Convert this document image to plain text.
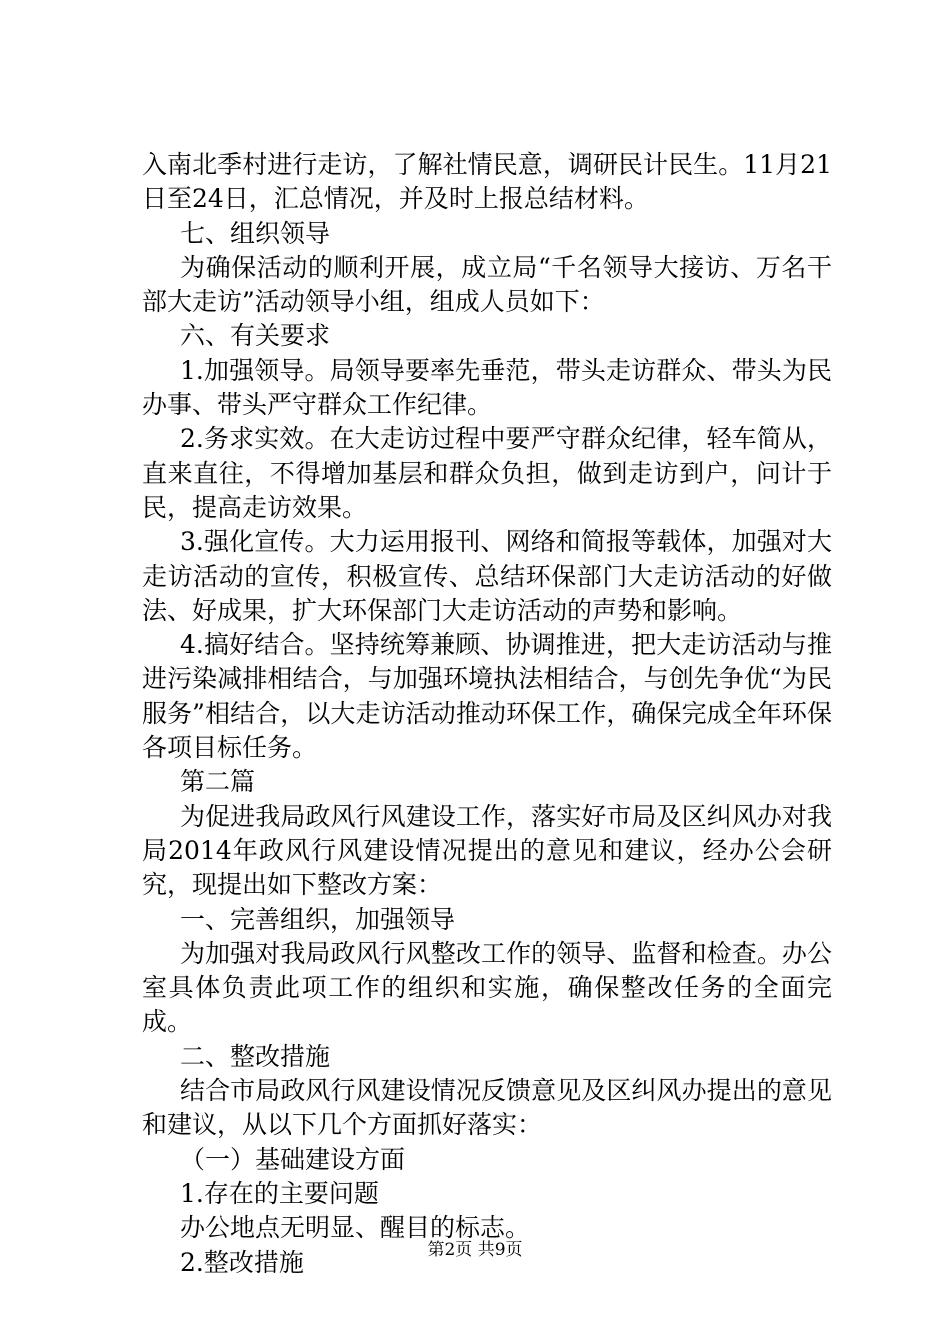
入南北季村进行走访，了解社情民意，调研民计民生。11月21日至24日，汇总情况，并及时上报总结材料。

七、组织领导

为确保活动的顺利开展，成立局“千名领导大接访、万名干部大走访”活动领导小组，组成人员如下：

六、有关要求

1.加强领导。局领导要率先垂范，带头走访群众、带头为民办事、带头严守群众工作纪律。

2.务求实效。在大走访过程中要严守群众纪律，轻车简从，直来直往，不得增加基层和群众负担，做到走访到户，问计于民，提高走访效果。

3.强化宣传。大力运用报刊、网络和简报等载体，加强对大走访活动的宣传，积极宣传、总结环保部门大走访活动的好做法、好成果，扩大环保部门大走访活动的声势和影响。

4.搞好结合。坚持统筹兼顾、协调推进，把大走访活动与推进污染减排相结合，与加强环境执法相结合，与创先争优“为民服务”相结合，以大走访活动推动环保工作，确保完成全年环保各项目标任务。

第二篇

为促进我局政风行风建设工作，落实好市局及区纠风办对我局2014年政风行风建设情况提出的意见和建议，经办公会研究，现提出如下整改方案：

一、完善组织，加强领导

为加强对我局政风行风整改工作的领导、监督和检查。办公室具体负责此项工作的组织和实施，确保整改任务的全面完成。

二、整改措施

结合市局政风行风建设情况反馈意见及区纠风办提出的意见和建议，从以下几个方面抓好落实：

（一）基础建设方面

1.存在的主要问题

办公地点无明显、醒目的标志。

2.整改措施	第2页 共9页
